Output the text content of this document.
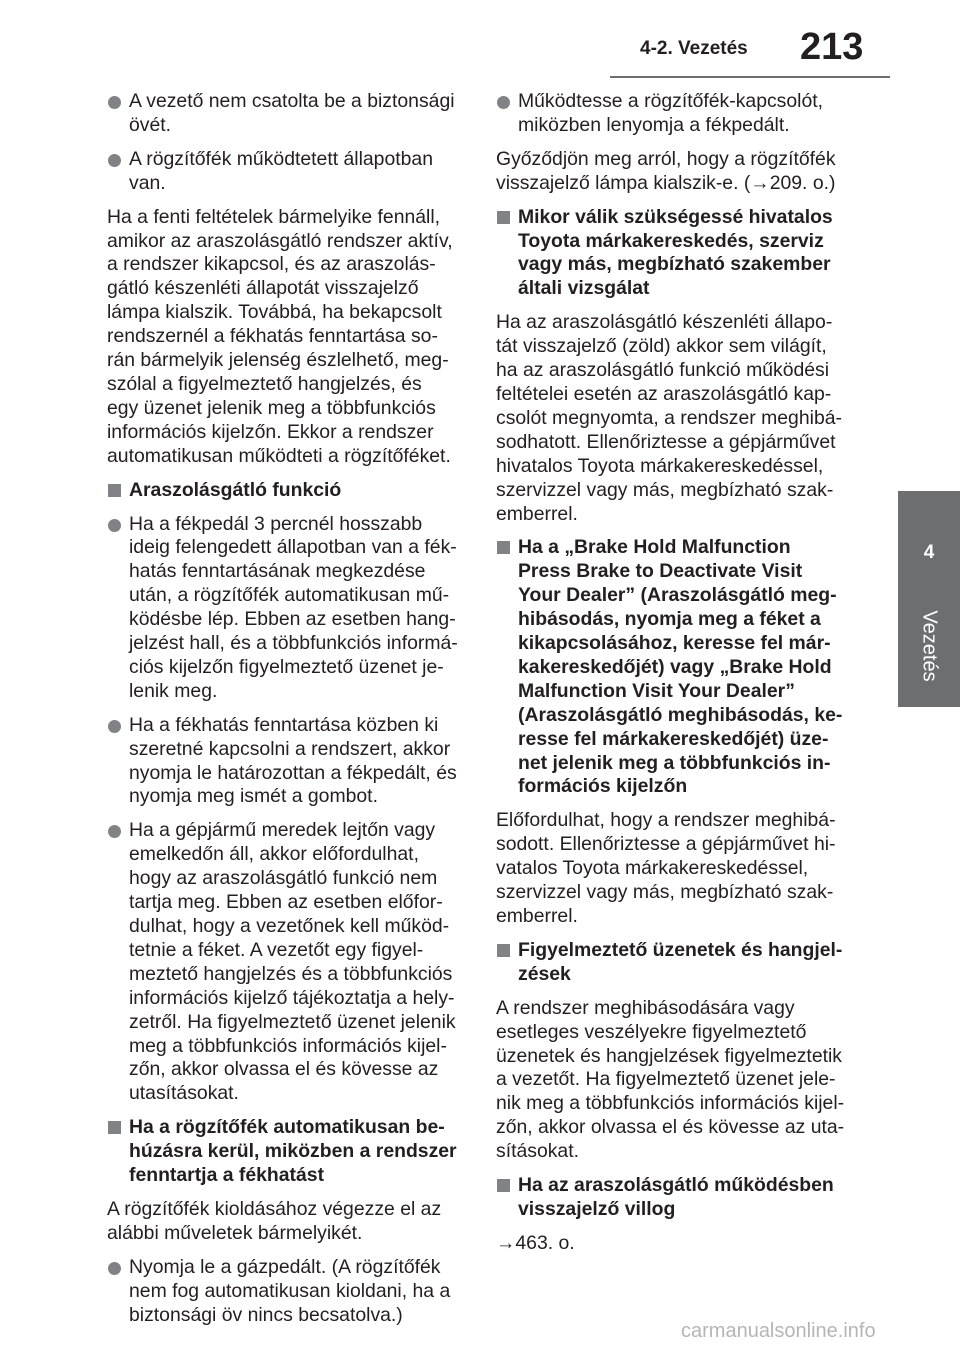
4-2. Vezetés 213
4
Vezetés
A vezető nem csatolta be a biztonsági
övét.
A rögzítőfék működtetett állapotban
van.
Ha a fenti feltételek bármelyike fennáll,
amikor az araszolásgátló rendszer aktív,
a rendszer kikapcsol, és az araszolás-
gátló készenléti állapotát visszajelző
lámpa kialszik. Továbbá, ha bekapcsolt
rendszernél a fékhatás fenntartása so-
rán bármelyik jelenség észlelhető, meg-
szólal a figyelmeztető hangjelzés, és
egy üzenet jelenik meg a többfunkciós
információs kijelzőn. Ekkor a rendszer
automatikusan működteti a rögzítőféket.
Araszolásgátló funkció
Ha a fékpedál 3 percnél hosszabb
ideig felengedett állapotban van a fék-
hatás fenntartásának megkezdése
után, a rögzítőfék automatikusan mű-
ködésbe lép. Ebben az esetben hang-
jelzést hall, és a többfunkciós informá-
ciós kijelzőn figyelmeztető üzenet je-
lenik meg.
Ha a fékhatás fenntartása közben ki
szeretné kapcsolni a rendszert, akkor
nyomja le határozottan a fékpedált, és
nyomja meg ismét a gombot.
Ha a gépjármű meredek lejtőn vagy
emelkedőn áll, akkor előfordulhat,
hogy az araszolásgátló funkció nem
tartja meg. Ebben az esetben előfor-
dulhat, hogy a vezetőnek kell működ-
tetnie a féket. A vezetőt egy figyel-
meztető hangjelzés és a többfunkciós
információs kijelző tájékoztatja a hely-
zetről. Ha figyelmeztető üzenet jelenik
meg a többfunkciós információs kijel-
zőn, akkor olvassa el és kövesse az
utasításokat.
Ha a rögzítőfék automatikusan be-
húzásra kerül, miközben a rendszer
fenntartja a fékhatást
A rögzítőfék kioldásához végezze el az
alábbi műveletek bármelyikét.
Nyomja le a gázpedált. (A rögzítőfék
nem fog automatikusan kioldani, ha a
biztonsági öv nincs becsatolva.)
Működtesse a rögzítőfék-kapcsolót,
miközben lenyomja a fékpedált.
Győződjön meg arról, hogy a rögzítőfék
visszajelző lámpa kialszik-e. (→209. o.)
Mikor válik szükségessé hivatalos
Toyota márkakereskedés, szerviz
vagy más, megbízható szakember
általi vizsgálat
Ha az araszolásgátló készenléti állapo-
tát visszajelző (zöld) akkor sem világít,
ha az araszolásgátló funkció működési
feltételei esetén az araszolásgátló kap-
csolót megnyomta, a rendszer meghibá-
sodhatott. Ellenőriztesse a gépjárművet
hivatalos Toyota márkakereskedéssel,
szervizzel vagy más, megbízható szak-
emberrel.
Ha a „Brake Hold Malfunction
Press Brake to Deactivate Visit
Your Dealer” (Araszolásgátló meg-
hibásodás, nyomja meg a féket a
kikapcsolásához, keresse fel már-
kakereskedőjét) vagy „Brake Hold
Malfunction Visit Your Dealer”
(Araszolásgátló meghibásodás, ke-
resse fel márkakereskedőjét) üze-
net jelenik meg a többfunkciós in-
formációs kijelzőn
Előfordulhat, hogy a rendszer meghibá-
sodott. Ellenőriztesse a gépjárművet hi-
vatalos Toyota márkakereskedéssel,
szervizzel vagy más, megbízható szak-
emberrel.
Figyelmeztető üzenetek és hangjel-
zések
A rendszer meghibásodására vagy
esetleges veszélyekre figyelmeztető
üzenetek és hangjelzések figyelmeztetik
a vezetőt. Ha figyelmeztető üzenet jele-
nik meg a többfunkciós információs kijel-
zőn, akkor olvassa el és kövesse az uta-
sításokat.
Ha az araszolásgátló működésben
visszajelző villog
→463. o.
carmanualsonline.info
